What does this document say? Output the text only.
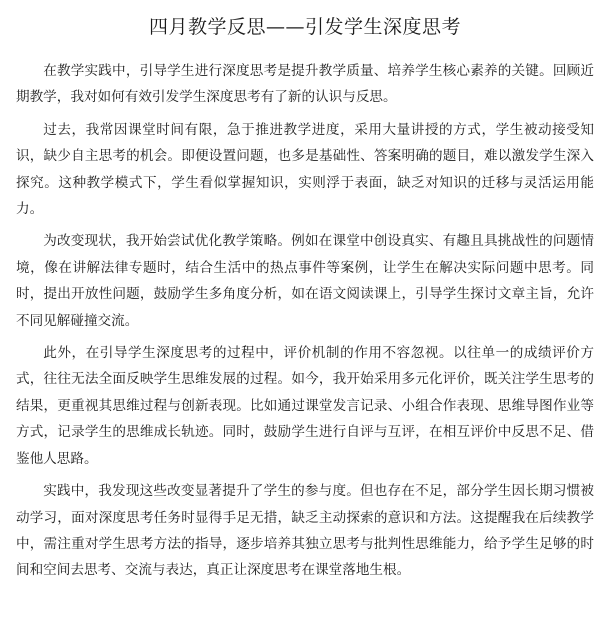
四月教学反思——引发学生深度思考

在教学实践中，引导学生进行深度思考是提升教学质量、培养学生核心素养的关键。回顾近期教学，我对如何有效引发学生深度思考有了新的认识与反思。

过去，我常因课堂时间有限，急于推进教学进度，采用大量讲授的方式，学生被动接受知识，缺少自主思考的机会。即便设置问题，也多是基础性、答案明确的题目，难以激发学生深入探究。这种教学模式下，学生看似掌握知识，实则浮于表面，缺乏对知识的迁移与灵活运用能力。

为改变现状，我开始尝试优化教学策略。例如在课堂中创设真实、有趣且具挑战性的问题情境，像在讲解法律专题时，结合生活中的热点事件等案例，让学生在解决实际问题中思考。同时，提出开放性问题，鼓励学生多角度分析，如在语文阅读课上，引导学生探讨文章主旨，允许不同见解碰撞交流。

此外，在引导学生深度思考的过程中，评价机制的作用不容忽视。以往单一的成绩评价方式，往往无法全面反映学生思维发展的过程。如今，我开始采用多元化评价，既关注学生思考的结果，更重视其思维过程与创新表现。比如通过课堂发言记录、小组合作表现、思维导图作业等方式，记录学生的思维成长轨迹。同时，鼓励学生进行自评与互评，在相互评价中反思不足、借鉴他人思路。

实践中，我发现这些改变显著提升了学生的参与度。但也存在不足，部分学生因长期习惯被动学习，面对深度思考任务时显得手足无措，缺乏主动探索的意识和方法。这提醒我在后续教学中，需注重对学生思考方法的指导，逐步培养其独立思考与批判性思维能力，给予学生足够的时间和空间去思考、交流与表达，真正让深度思考在课堂落地生根。
